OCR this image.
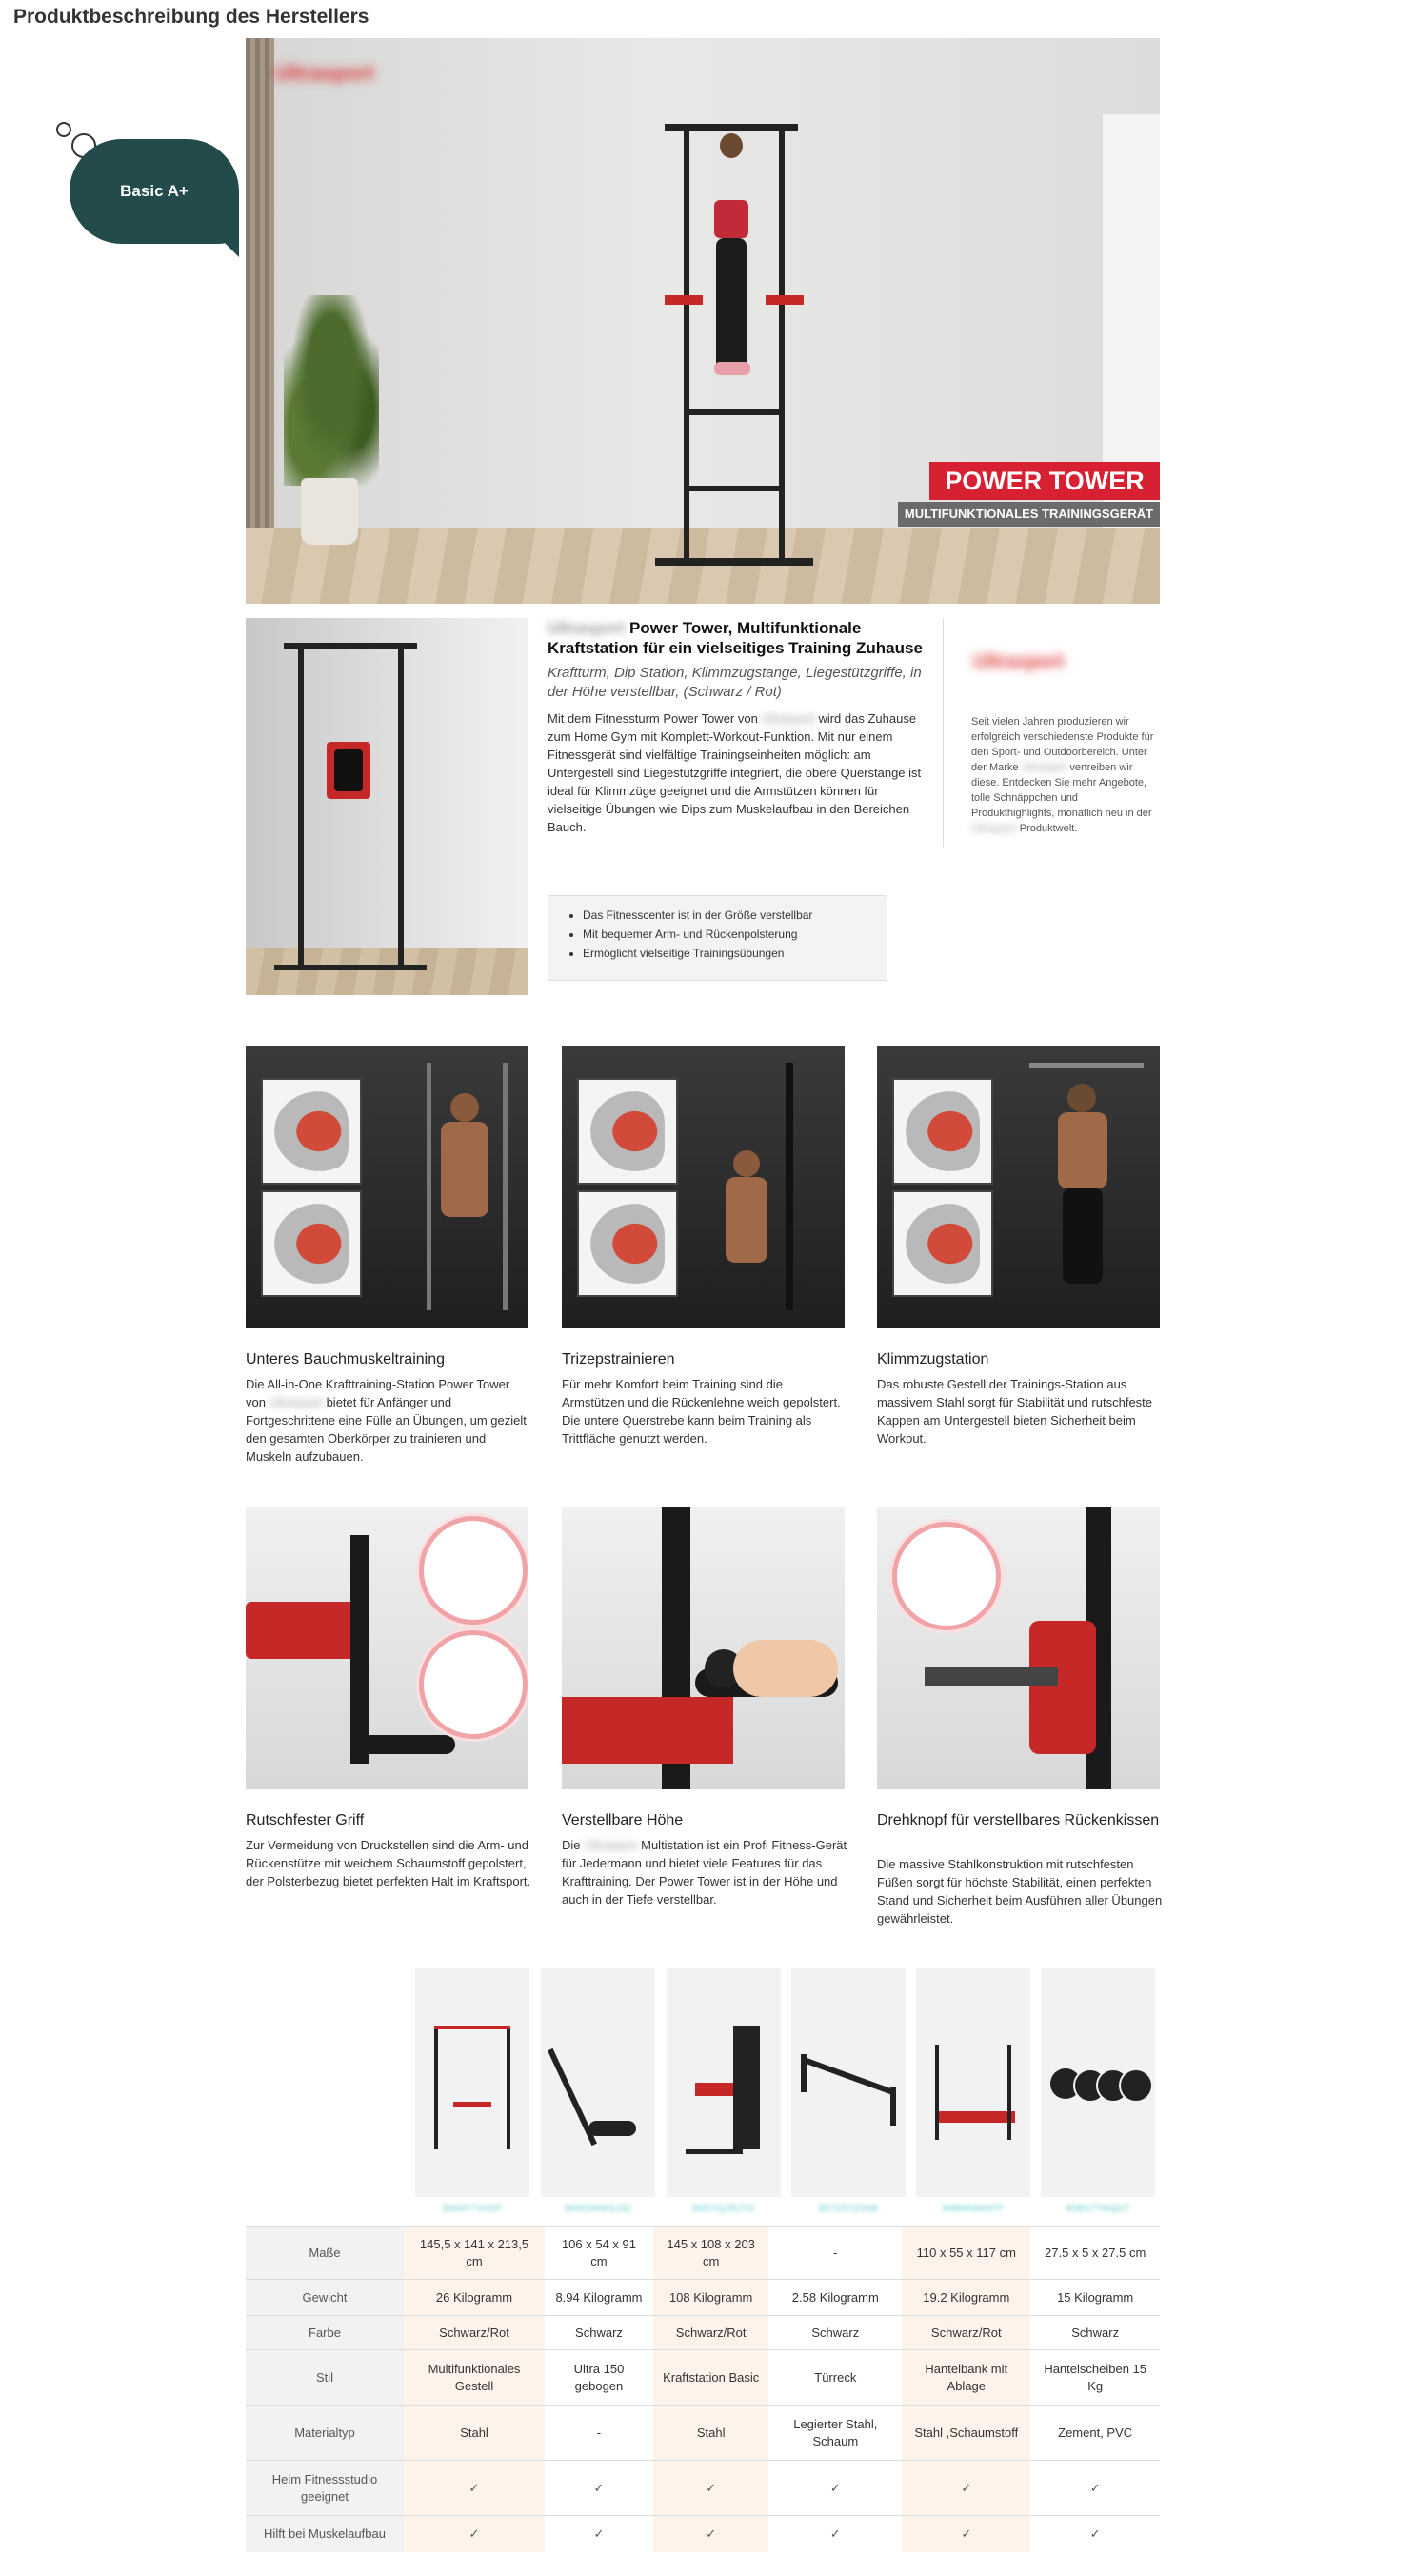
Produktbeschreibung des Herstellers
Basic A+
Ultrasport
POWER TOWER
MULTIFUNKTIONALES TRAININGSGERÄT

Ultrasport Power Tower, Multifunktionale Kraftstation für ein vielseitiges Training Zuhause

Kraftturm, Dip Station, Klimmzugstange, Liegestützgriffe, in der Höhe verstellbar, (Schwarz / Rot)

Mit dem Fitnessturm Power Tower von Ultrasport wird das Zuhause zum Home Gym mit Komplett-Workout-Funktion. Mit nur einem Fitnessgerät sind vielfältige Trainingseinheiten möglich: am Untergestell sind Liegestützgriffe integriert, die obere Querstange ist ideal für Klimmzüge geeignet und die Armstützen können für vielseitige Übungen wie Dips zum Muskelaufbau in den Bereichen Bauch.

• Das Fitnesscenter ist in der Größe verstellbar
• Mit bequemer Arm- und Rückenpolsterung
• Ermöglicht vielseitige Trainingsübungen
Ultrasport
Seit vielen Jahren produzieren wir erfolgreich verschiedenste Produkte für den Sport- und Outdoorbereich. Unter der Marke Ultrasport vertreiben wir diese. Entdecken Sie mehr Angebote, tolle Schnäppchen und Produkthighlights, monatlich neu in der Ultrasport Produktwelt.
Unteres Bauchmuskeltraining
Die All-in-One Krafttraining-Station Power Tower von Ultrasport bietet für Anfänger und Fortgeschrittene eine Fülle an Übungen, um gezielt den gesamten Oberkörper zu trainieren und Muskeln aufzubauen.
Trizepstrainieren
Für mehr Komfort beim Training sind die Armstützen und die Rückenlehne weich gepolstert. Die untere Querstrebe kann beim Training als Trittfläche genutzt werden.
Klimmzugstation
Das robuste Gestell der Trainings-Station aus massivem Stahl sorgt für Stabilität und rutschfeste Kappen am Untergestell bieten Sicherheit beim Workout.
Rutschfester Griff
Zur Vermeidung von Druckstellen sind die Arm- und Rückenstütze mit weichem Schaumstoff gepolstert, der Polsterbezug bietet perfekten Halt im Kraftsport.
Verstellbare Höhe
Die Ultrasport Multistation ist ein Profi Fitness-Gerät für Jedermann und bietet viele Features für das Krafttraining. Der Power Tower ist in der Höhe und auch in der Tiefe verstellbar.
Drehknopf für verstellbares Rückenkissen
Die massive Stahlkonstruktion mit rutschfesten Füßen sorgt für höchste Stabilität, einen perfekten Stand und Sicherheit beim Ausführen aller Übungen gewährleistet.
B00AT7VHSP	B08SWNHLDQ	B0DYQJRJTG	B07Z6YDS9B	B08MN8A9TP	B0BS7TMQDT
Maße	145,5 x 141 x 213,5 cm	106 x 54 x 91 cm	145 x 108 x 203 cm	-	110 x 55 x 117 cm	27.5 x 5 x 27.5 cm
Gewicht	26 Kilogramm	8.94 Kilogramm	108 Kilogramm	2.58 Kilogramm	19.2 Kilogramm	15 Kilogramm
Farbe	Schwarz/Rot	Schwarz	Schwarz/Rot	Schwarz	Schwarz/Rot	Schwarz
Stil	Multifunktionales Gestell	Ultra 150 gebogen	Kraftstation Basic	Türreck	Hantelbank mit Ablage	Hantelscheiben 15 Kg
Materialtyp	Stahl	-	Stahl	Legierter Stahl, Schaum	Stahl ,Schaumstoff	Zement, PVC
Heim Fitnessstudio geeignet	✓	✓	✓	✓	✓	✓
Hilft bei Muskelaufbau	✓	✓	✓	✓	✓	✓
